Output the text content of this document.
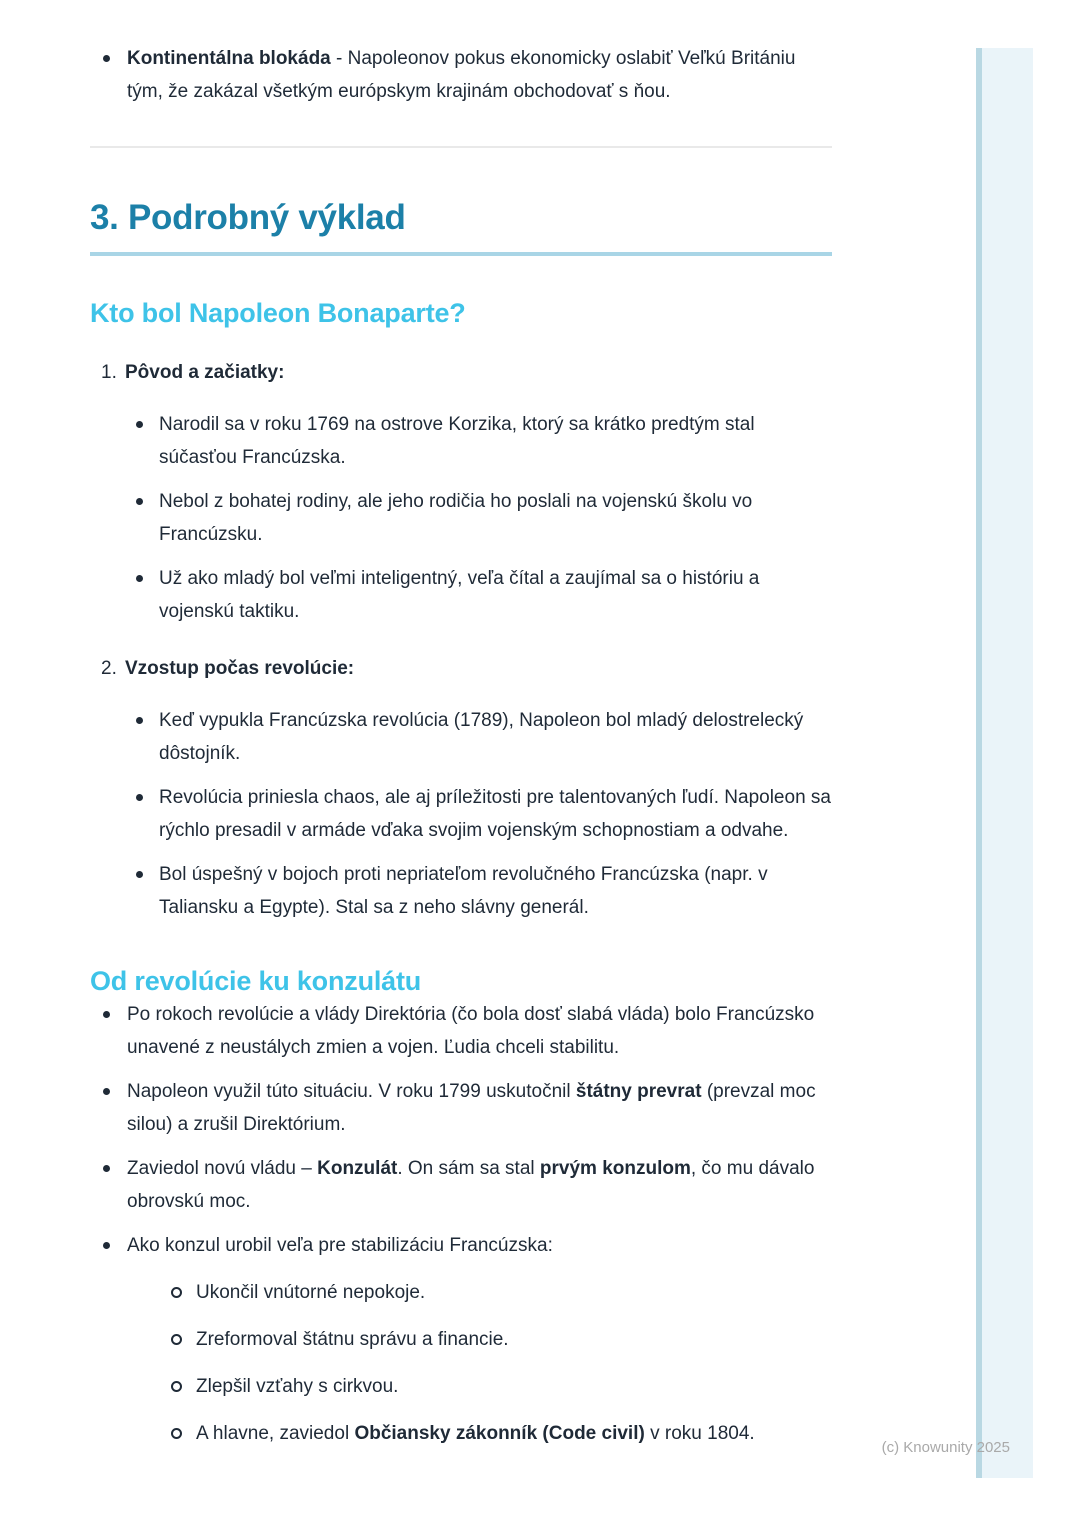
(c) Knowunity 2025
Kontinentálna blokáda - Napoleonov pokus ekonomicky oslabiť Veľkú Britániu tým, že zakázal všetkým európskym krajinám obchodovať s ňou.
3. Podrobný výklad
Kto bol Napoleon Bonaparte?
1. Pôvod a začiatky:
Narodil sa v roku 1769 na ostrove Korzika, ktorý sa krátko predtým stal súčasťou Francúzska.
Nebol z bohatej rodiny, ale jeho rodičia ho poslali na vojenskú školu vo Francúzsku.
Už ako mladý bol veľmi inteligentný, veľa čítal a zaujímal sa o históriu a vojenskú taktiku.
2. Vzostup počas revolúcie:
Keď vypukla Francúzska revolúcia (1789), Napoleon bol mladý delostrelecký dôstojník.
Revolúcia priniesla chaos, ale aj príležitosti pre talentovaných ľudí. Napoleon sa rýchlo presadil v armáde vďaka svojim vojenským schopnostiam a odvahe.
Bol úspešný v bojoch proti nepriateľom revolučného Francúzska (napr. v Taliansku a Egypte). Stal sa z neho slávny generál.
Od revolúcie ku konzulátu
Po rokoch revolúcie a vlády Direktória (čo bola dosť slabá vláda) bolo Francúzsko unavené z neustálych zmien a vojen. Ľudia chceli stabilitu.
Napoleon využil túto situáciu. V roku 1799 uskutočnil štátny prevrat (prevzal moc silou) a zrušil Direktórium.
Zaviedol novú vládu – Konzulát. On sám sa stal prvým konzulom, čo mu dávalo obrovskú moc.
Ako konzul urobil veľa pre stabilizáciu Francúzska:
Ukončil vnútorné nepokoje.
Zreformoval štátnu správu a financie.
Zlepšil vzťahy s cirkvou.
A hlavne, zaviedol Občiansky zákonník (Code civil) v roku 1804.
